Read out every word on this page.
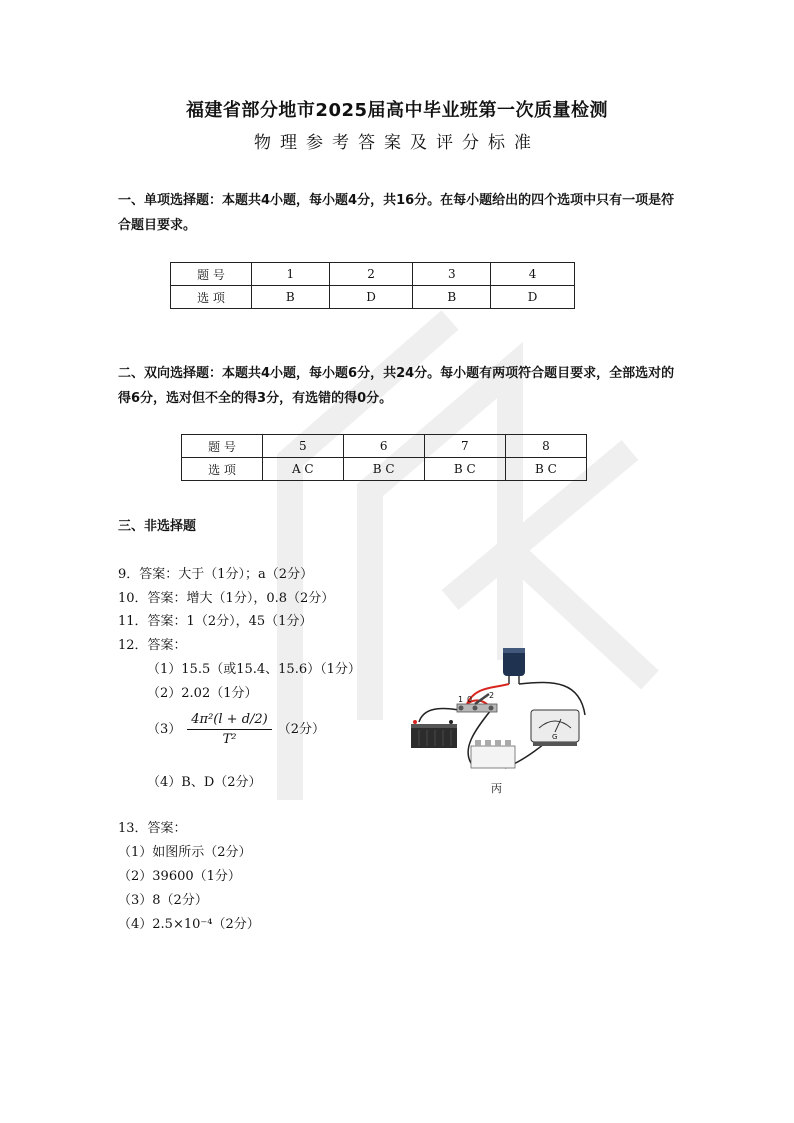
福建省部分地市2025届高中毕业班第一次质量检测
物理参考答案及评分标准
一、单项选择题：本题共4小题，每小题4分，共16分。在每小题给出的四个选项中只有一项是符合题目要求。
题 号	1	2	3	4
选 项	B	D	B	D
二、双向选择题：本题共4小题，每小题6分，共24分。每小题有两项符合题目要求，全部选对的得6分，选对但不全的得3分，有选错的得0分。
题 号	5	6	7	8
选 项	A C	B C	B C	B C
三、非选择题
9．答案：大于（1分）；a（2分）
10．答案：增大（1分），0.8（2分）
11．答案：1（2分），45（1分）
12．答案：
（1）15.5（或15.4、15.6）（1分）
（2）2.02（1分）
$(3) \frac{\text{4π²(l + d/2)}}{\text{T²}} (2$分）
（4）B、D（2分）
1 0 2
G
丙
13．答案：
（1）如图所示（2分）
（2）39600（1分）
（3）8（2分）
（4）2.5×10⁻⁴（2分）
